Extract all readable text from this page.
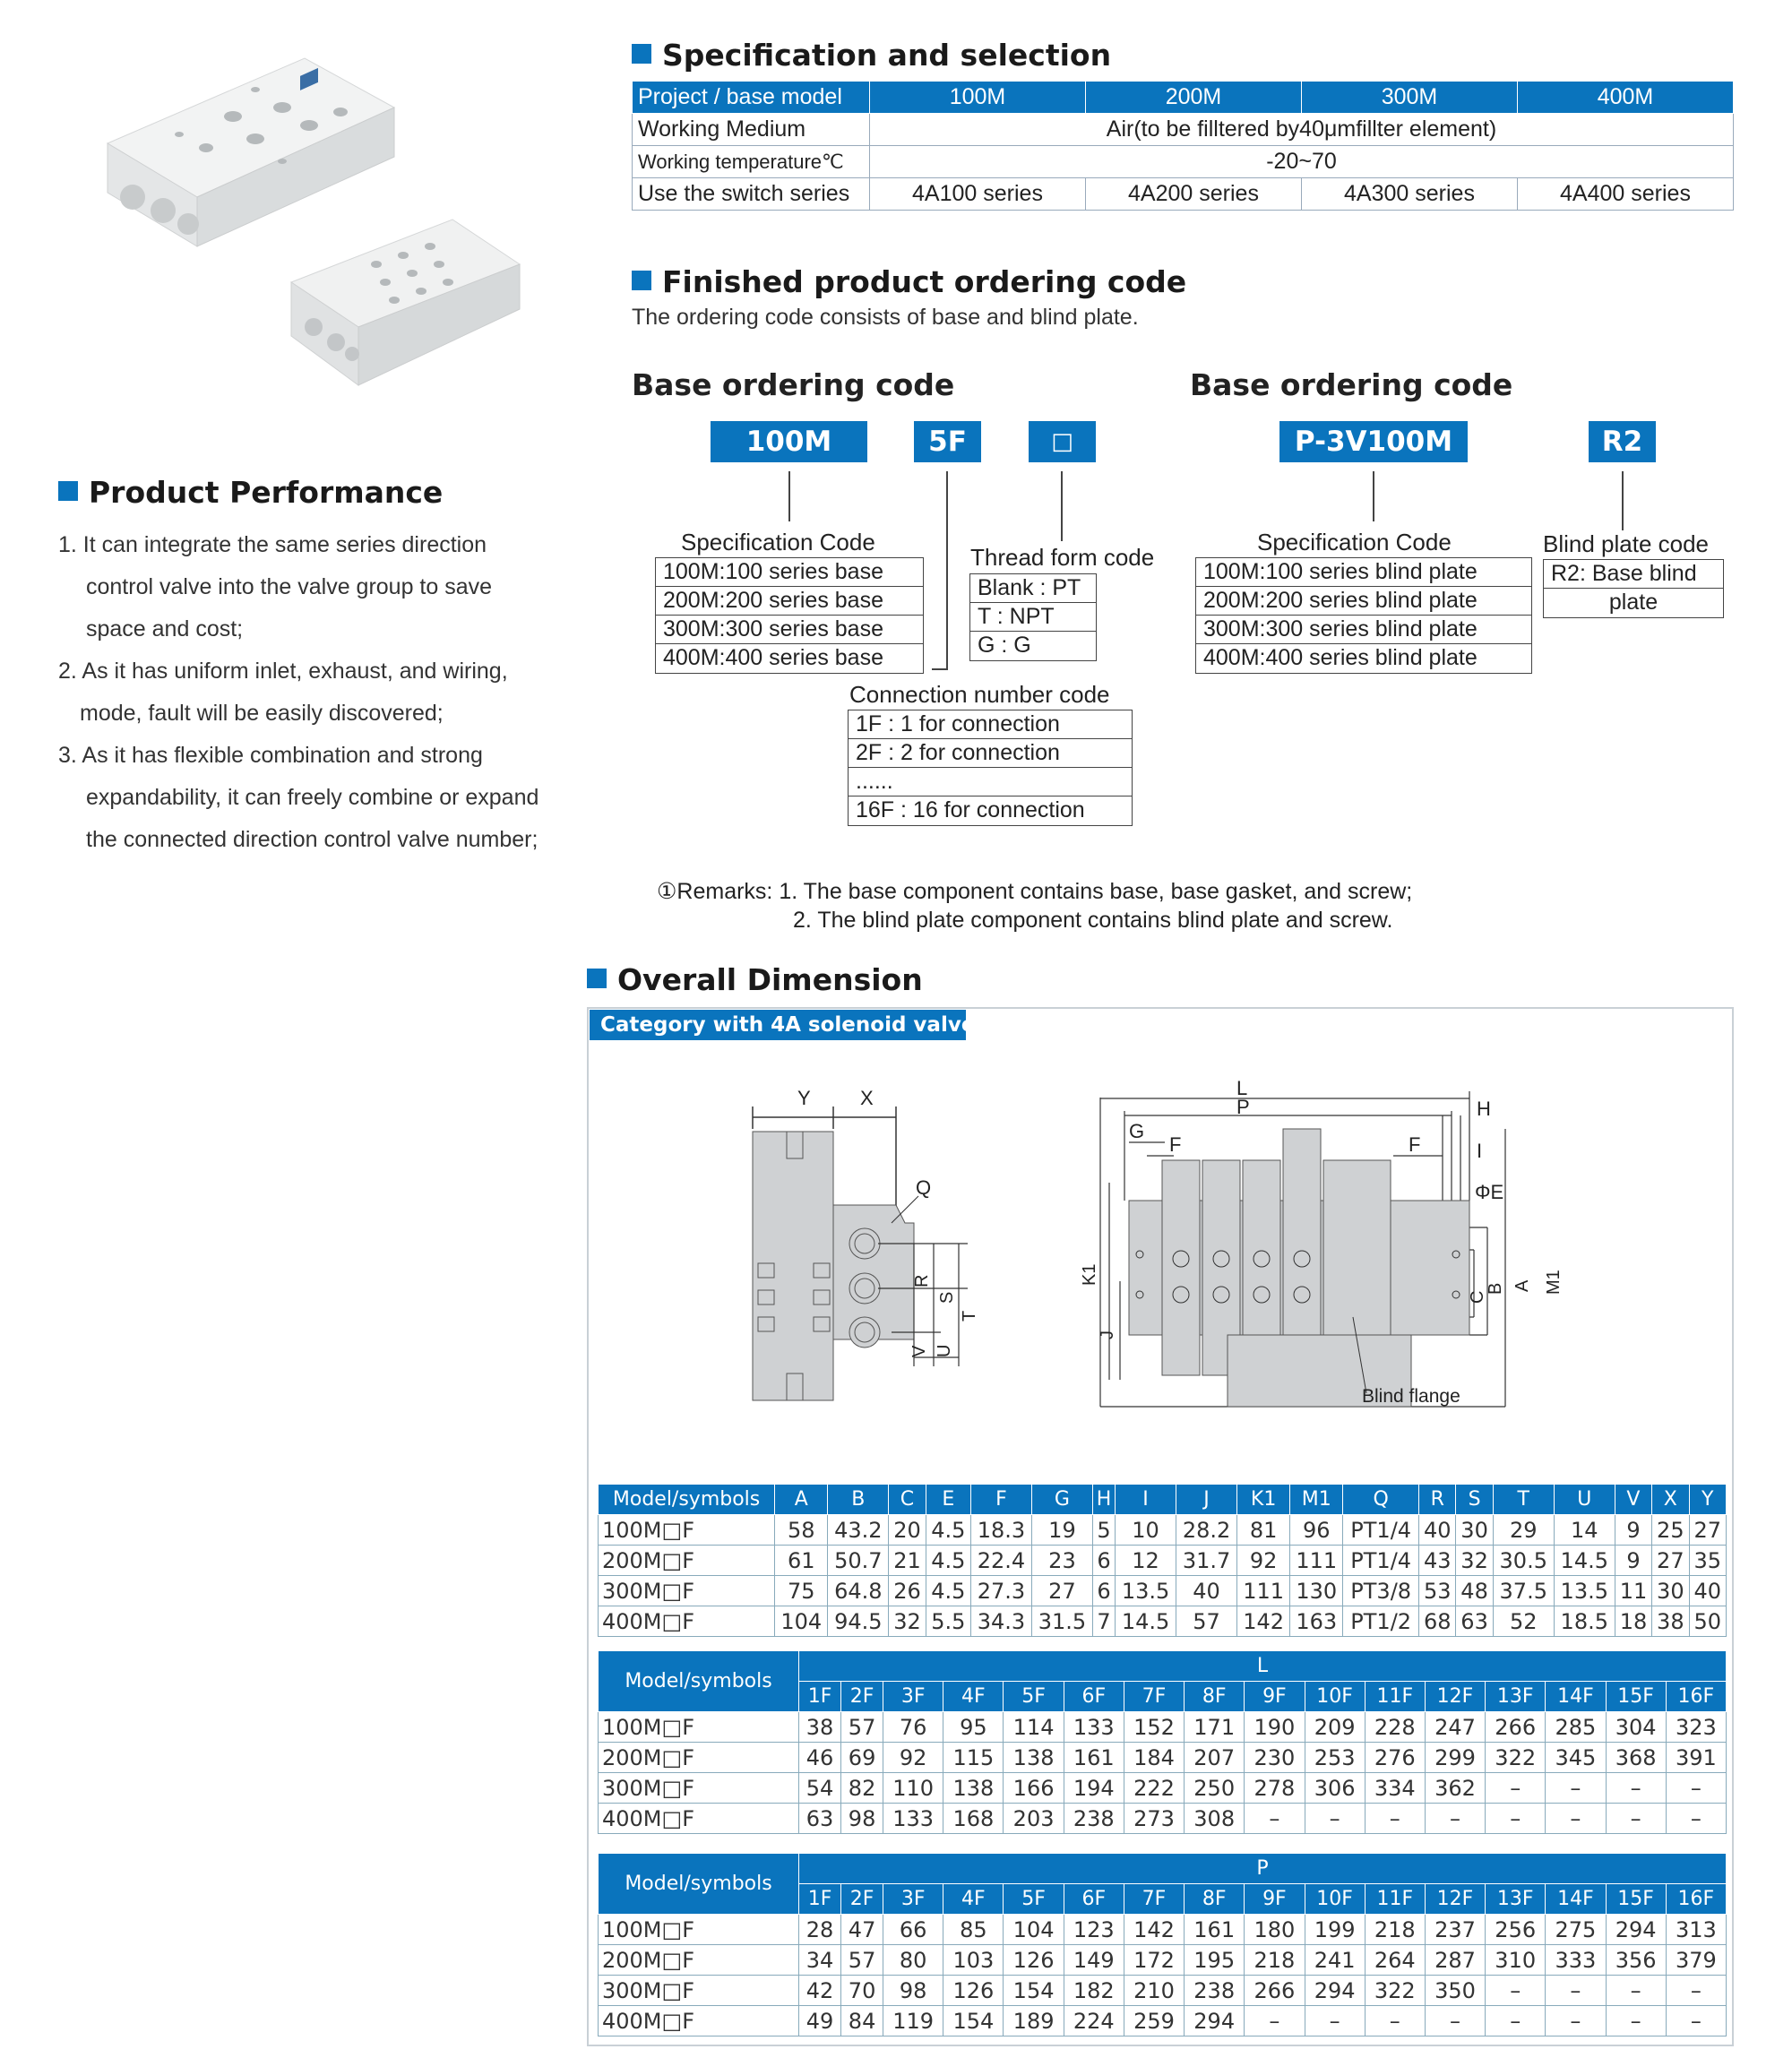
Specification and selection
Project / base model	100M	200M	300M	400M
Working Medium	Air(to be fillt​ered by40μmfillter element)			
Working temperature℃	-20~70			
Use the switch series	4A100 series	4A200 series	4A300 series	4A400 series
Finished product ordering code
The ordering code consists of base and blind plate.
Base ordering code	Base ordering code
100M	5F	□	P-3V100M	R2
Specification Code
100M:100 series base
200M:200 series base
300M:300 series base
400M:400 series base
Thread form code
Blank : PT
T : NPT
G : G
Connection number code
1F : 1 for connection
2F : 2 for connection
......
16F : 16 for connection
Specification Code
100M:100 series blind plate
200M:200 series blind plate
300M:300 series blind plate
400M:400 series blind plate
Blind plate code
R2: Base blind
plate
①Remarks: 1. The base component contains base, base gasket, and screw;
2. The blind plate component contains blind plate and screw.
Product Performance
1. It can integrate the same series direction
control valve into the valve group to save
space and cost;
2. As it has uniform inlet, exhaust, and wiring,
mode, fault will be easily discovered;
3. As it has flexible combination and strong
expandability, it can freely combine or expand
the connected direction control valve number;
Overall Dimension
Category with 4A solenoid valve
Y	X
Q
R
S
T
U
V
L
P	H
G
F	F	I
ΦE
C
B A M1
K1
J
Blind flange
Model/symbols	A	B	C	E	F	G	H	I	J	K1	M1	Q	R	S	T	U	V	X	Y
100M□F	58	43.2	20	4.5	18.3	19	5	10	28.2	81	96	PT1/4	40	30	29	14	9	25	27
200M□F	61	50.7	21	4.5	22.4	23	6	12	31.7	92	111	PT1/4	43	32	30.5	14.5	9	27	35
300M□F	75	64.8	26	4.5	27.3	27	6	13.5	40	111	130	PT3/8	53	48	37.5	13.5	11	30	40
400M□F	104	94.5	32	5.5	34.3	31.5	7	14.5	57	142	163	PT1/2	68	63	52	18.5	18	38	50
Model/symbols	L															
	1F	2F	3F	4F	5F	6F	7F	8F	9F	10F	11F	12F	13F	14F	15F	16F
100M□F	38	57	76	95	114	133	152	171	190	209	228	247	266	285	304	323
200M□F	46	69	92	115	138	161	184	207	230	253	276	299	322	345	368	391
300M□F	54	82	110	138	166	194	222	250	278	306	334	362	–	–	–	–
400M□F	63	98	133	168	203	238	273	308	–	–	–	–	–	–	–	–
Model/symbols	P															
	1F	2F	3F	4F	5F	6F	7F	8F	9F	10F	11F	12F	13F	14F	15F	16F
100M□F	28	47	66	85	104	123	142	161	180	199	218	237	256	275	294	313
200M□F	34	57	80	103	126	149	172	195	218	241	264	287	310	333	356	379
300M□F	42	70	98	126	154	182	210	238	266	294	322	350	–	–	–	–
400M□F	49	84	119	154	189	224	259	294	–	–	–	–	–	–	–	–
